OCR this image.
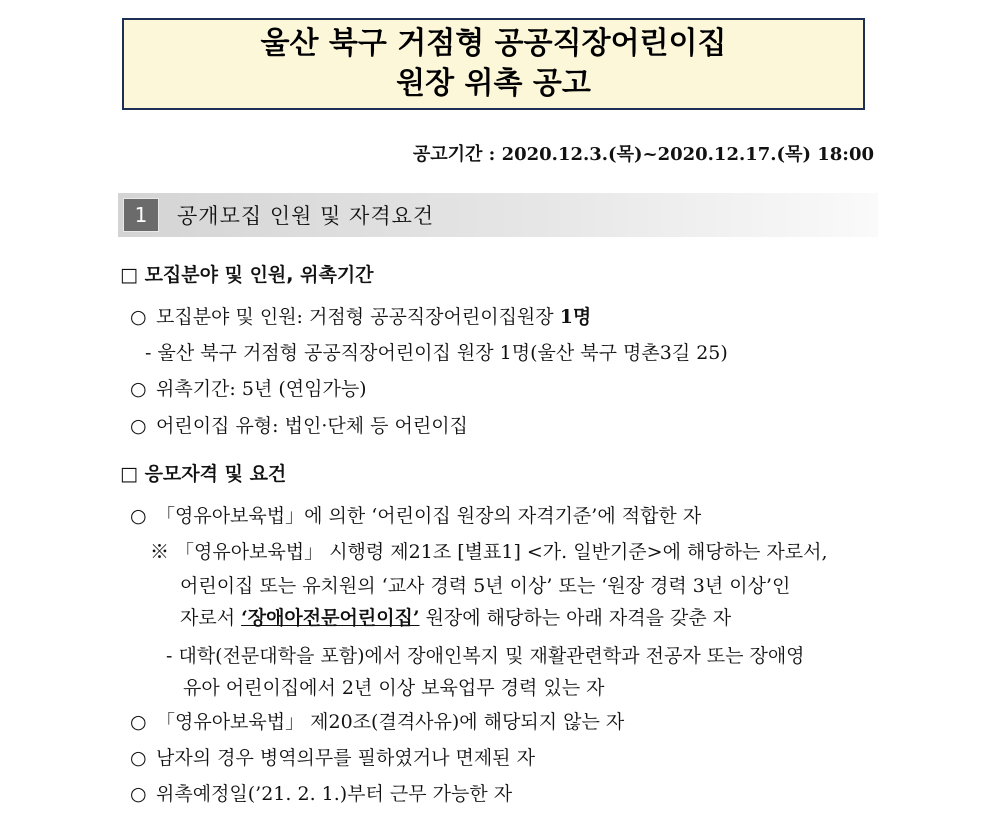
울산 북구 거점형 공공직장어린이집
원장 위촉 공고
공고기간 : 2020.12.3.(목)~2020.12.17.(목) 18:00
1	공개모집 인원 및 자격요건
□ 모집분야 및 인원, 위촉기간
○ 모집분야 및 인원: 거점형 공공직장어린이집원장 1명
- 울산 북구 거점형 공공직장어린이집 원장 1명(울산 북구 명촌3길 25)
○ 위촉기간: 5년 (연임가능)
○ 어린이집 유형: 법인·단체 등 어린이집
□ 응모자격 및 요건
○ 「영유아보육법」에 의한 ‘어린이집 원장의 자격기준’에 적합한 자
※ 「영유아보육법」 시행령 제21조 [별표1] <가. 일반기준>에 해당하는 자로서,
어린이집 또는 유치원의 ‘교사 경력 5년 이상’ 또는 ‘원장 경력 3년 이상’인
자로서 ‘장애아전문어린이집’ 원장에 해당하는 아래 자격을 갖춘 자
- 대학(전문대학을 포함)에서 장애인복지 및 재활관련학과 전공자 또는 장애영
유아 어린이집에서 2년 이상 보육업무 경력 있는 자
○ 「영유아보육법」 제20조(결격사유)에 해당되지 않는 자
○ 남자의 경우 병역의무를 필하였거나 면제된 자
○ 위촉예정일(’21. 2. 1.)부터 근무 가능한 자
